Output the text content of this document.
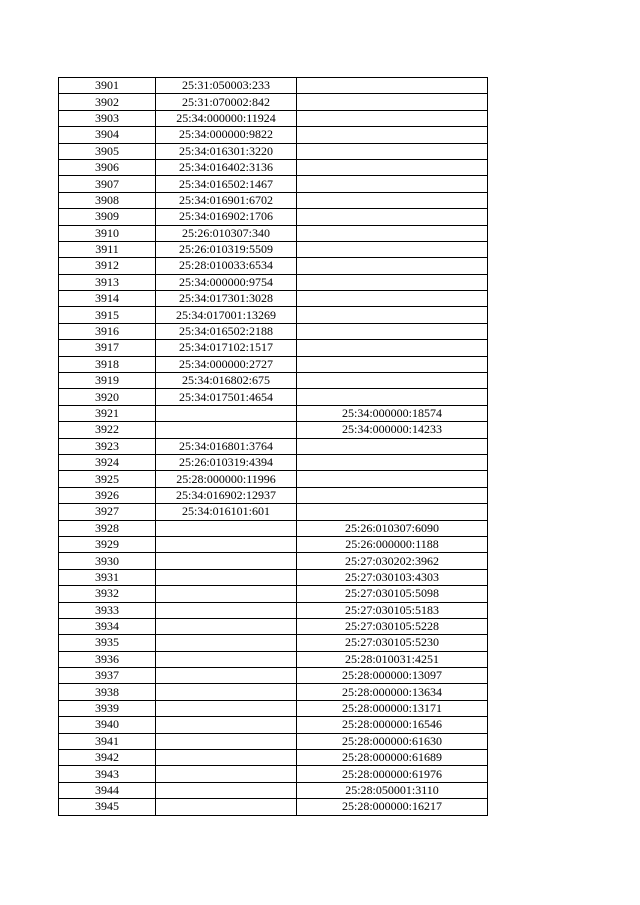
3901	25:31:050003:233	
3902	25:31:070002:842	
3903	25:34:000000:11924	
3904	25:34:000000:9822	
3905	25:34:016301:3220	
3906	25:34:016402:3136	
3907	25:34:016502:1467	
3908	25:34:016901:6702	
3909	25:34:016902:1706	
3910	25:26:010307:340	
3911	25:26:010319:5509	
3912	25:28:010033:6534	
3913	25:34:000000:9754	
3914	25:34:017301:3028	
3915	25:34:017001:13269	
3916	25:34:016502:2188	
3917	25:34:017102:1517	
3918	25:34:000000:2727	
3919	25:34:016802:675	
3920	25:34:017501:4654	
3921		25:34:000000:18574
3922		25:34:000000:14233
3923	25:34:016801:3764	
3924	25:26:010319:4394	
3925	25:28:000000:11996	
3926	25:34:016902:12937	
3927	25:34:016101:601	
3928		25:26:010307:6090
3929		25:26:000000:1188
3930		25:27:030202:3962
3931		25:27:030103:4303
3932		25:27:030105:5098
3933		25:27:030105:5183
3934		25:27:030105:5228
3935		25:27:030105:5230
3936		25:28:010031:4251
3937		25:28:000000:13097
3938		25:28:000000:13634
3939		25:28:000000:13171
3940		25:28:000000:16546
3941		25:28:000000:61630
3942		25:28:000000:61689
3943		25:28:000000:61976
3944		25:28:050001:3110
3945		25:28:000000:16217
